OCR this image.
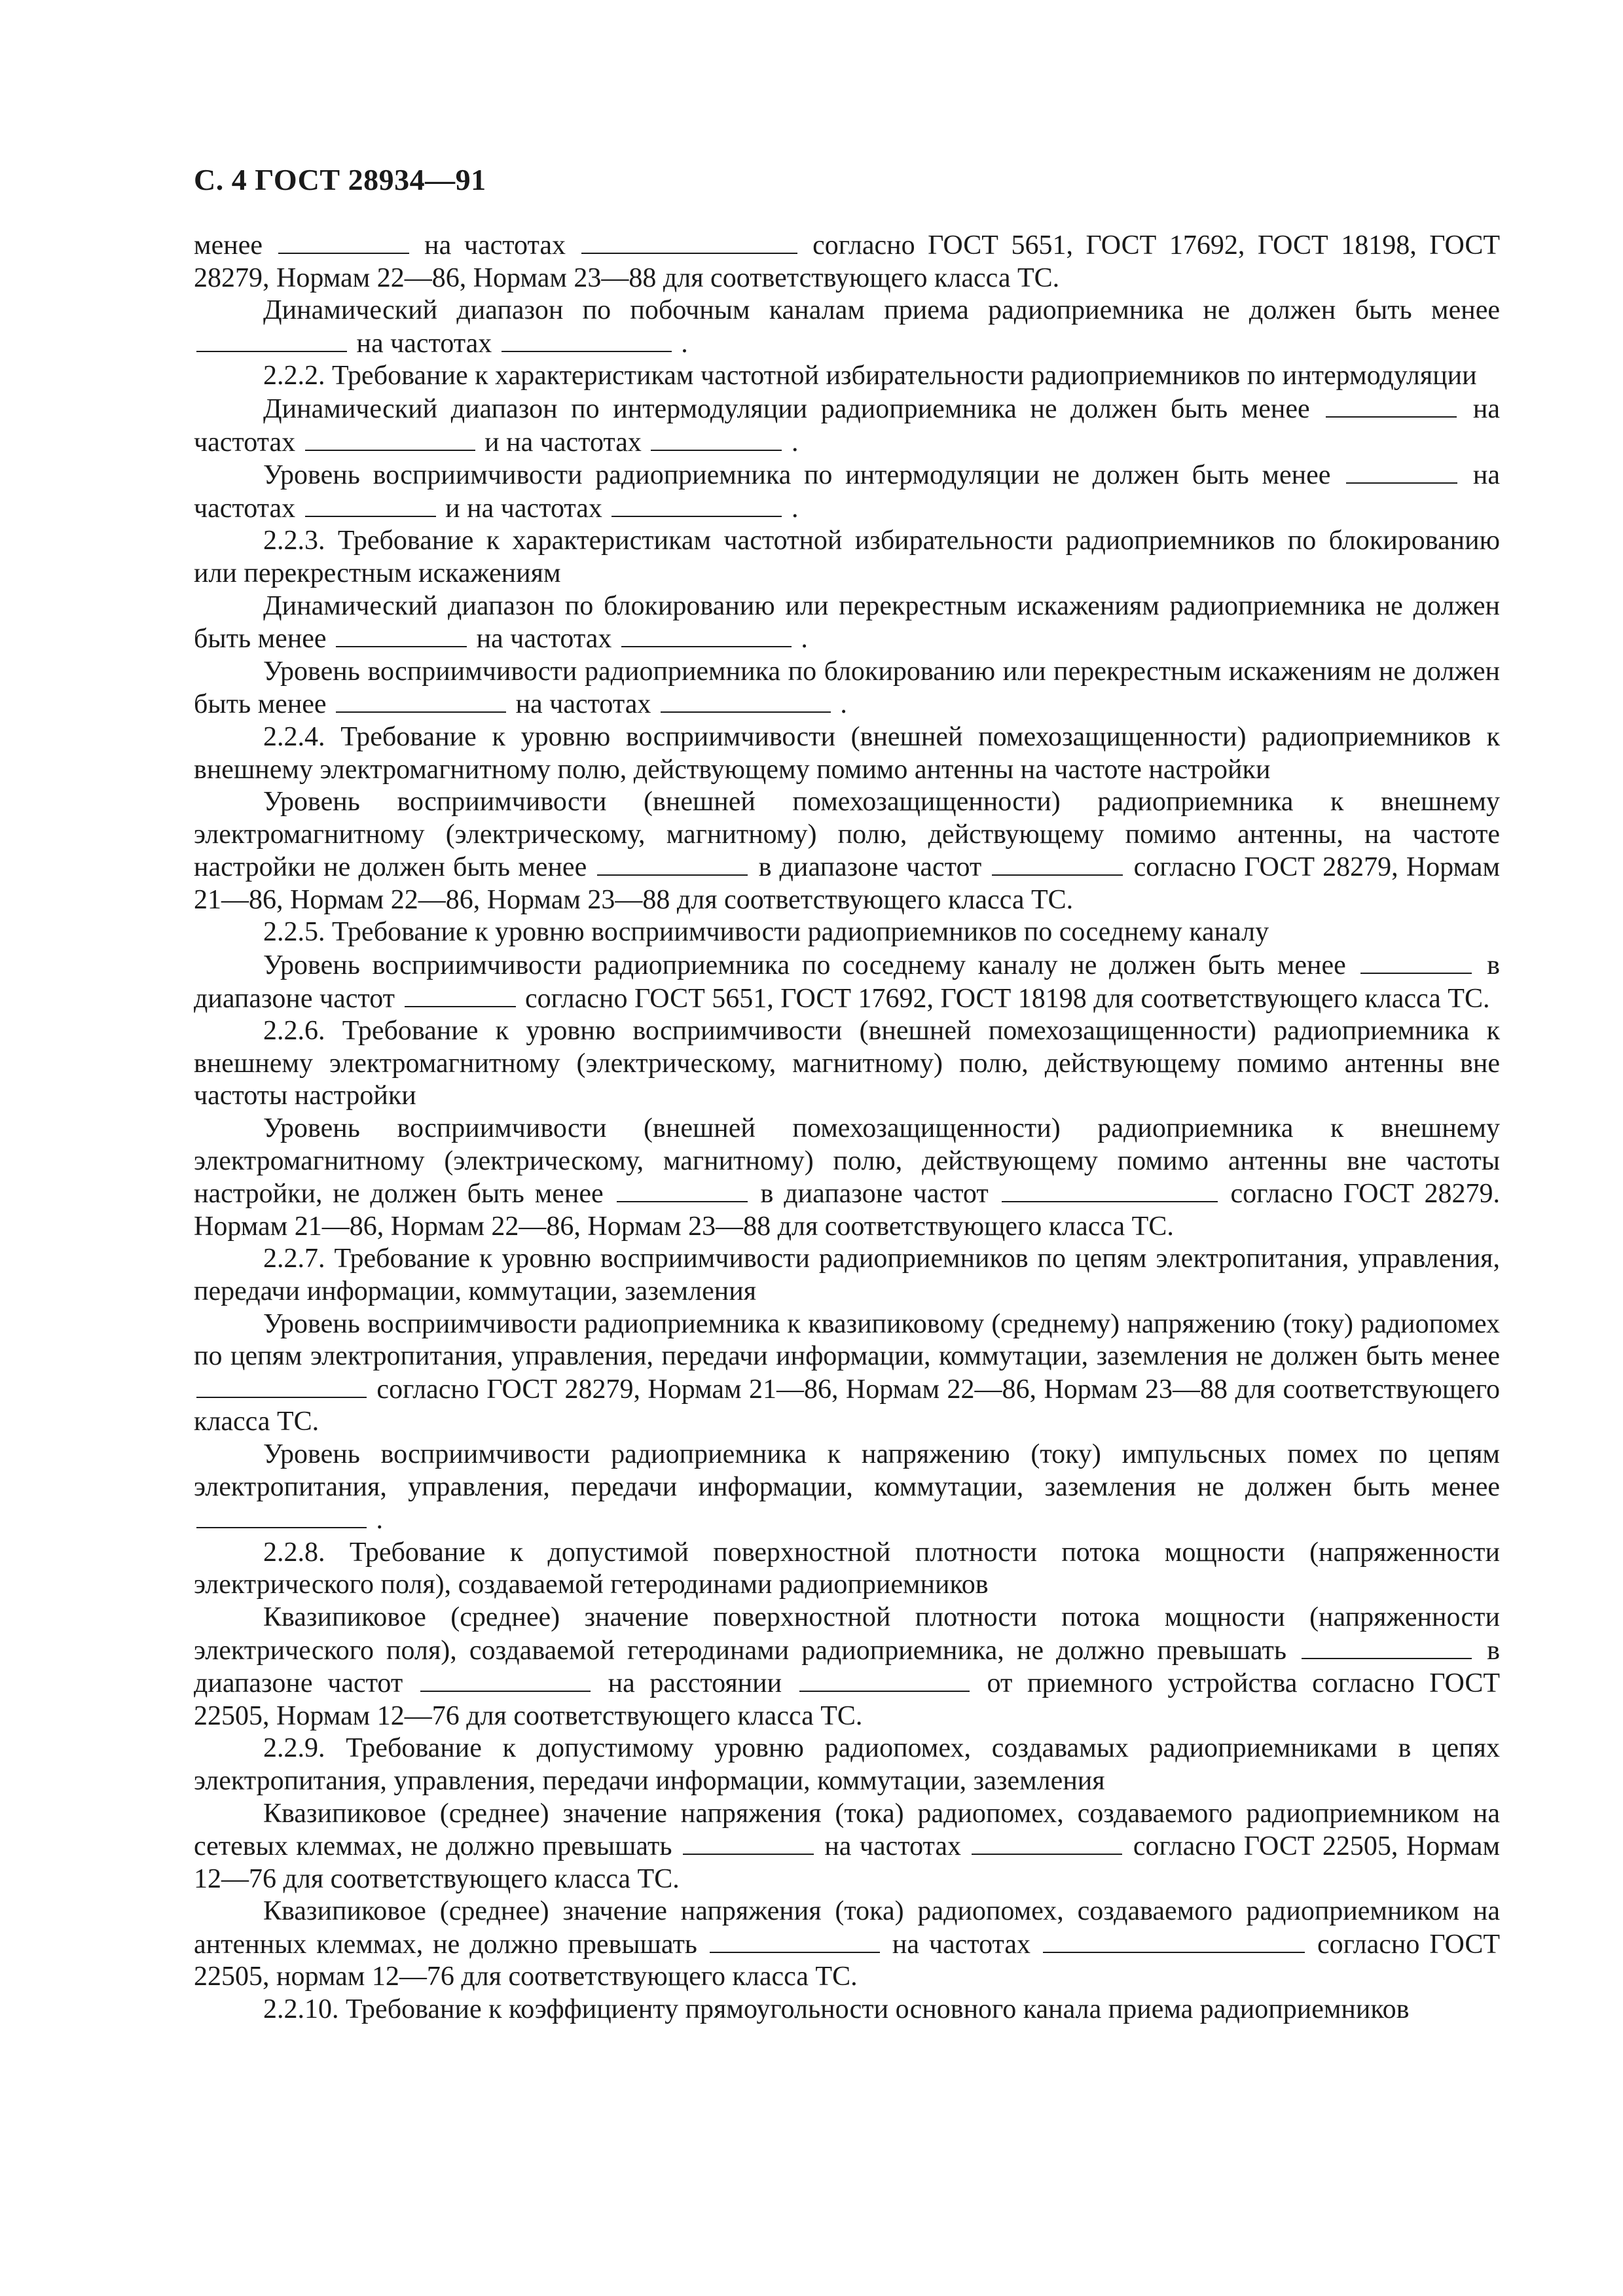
С. 4 ГОСТ 28934—91

менее	на частотах	согласно ГОСТ 5651, ГОСТ 17692, ГОСТ 18198, ГОСТ 28279, Нормам 22—86, Нормам 23—88 для соответствующего класса ТС.

Динамический диапазон по побочным каналам приема радиоприемника не должен быть менее  на частотах	.

2.2.2. Требование к характеристикам частотной избирательности радиоприемников по интермодуляции

Динамический диапазон по интермодуляции радиоприемника не должен быть менее	на частотах	и на частотах	.

Уровень восприимчивости радиоприемника по интермодуляции не должен быть менее	на частотах	и на частотах	.

2.2.3. Требование к характеристикам частотной избирательности радиоприемников по блокированию или перекрестным искажениям

Динамический диапазон по блокированию или перекрестным искажениям радиоприемника не должен быть менее	на частотах	.

Уровень восприимчивости радиоприемника по блокированию или перекрестным искажениям не должен быть менее	на частотах	.

2.2.4. Требование к уровню восприимчивости (внешней помехозащищенности) радиоприемников к внешнему электромагнитному полю, действующему помимо антенны на частоте настройки

Уровень восприимчивости (внешней помехозащищенности) радиоприемника к внешнему электромагнитному (электрическому, магнитному) полю, действующему помимо антенны, на частоте настройки не должен быть менее	в диапазоне частот	согласно ГОСТ 28279, Нормам 21—86, Нормам 22—86, Нормам 23—88 для соответствующего класса ТС.

2.2.5. Требование к уровню восприимчивости радиоприемников по соседнему каналу

Уровень восприимчивости радиоприемника по соседнему каналу не должен быть менее	в диапазоне частот	согласно ГОСТ 5651, ГОСТ 17692, ГОСТ 18198 для соответствующего класса ТС.

2.2.6. Требование к уровню восприимчивости (внешней помехозащищенности) радиоприемника к внешнему электромагнитному (электрическому, магнитному) полю, действующему помимо антенны вне частоты настройки

Уровень восприимчивости (внешней помехозащищенности) радиоприемника к внешнему электромагнитному (электрическому, магнитному) полю, действующему помимо антенны вне частоты настройки, не должен быть менее	в диапазоне частот	согласно ГОСТ 28279. Нормам 21—86, Нормам 22—86, Нормам 23—88 для соответствующего класса ТС.

2.2.7. Требование к уровню восприимчивости радиоприемников по цепям электропитания, управления, передачи информации, коммутации, заземления

Уровень восприимчивости радиоприемника к квазипиковому (среднему) напряжению (току) радиопомех по цепям электропитания, управления, передачи информации, коммутации, заземления не должен быть менее  согласно ГОСТ 28279, Нормам 21—86, Нормам 22—86, Нормам 23—88 для соответствующего класса ТС.

Уровень восприимчивости радиоприемника к напряжению (току) импульсных помех по цепям электропитания, управления, передачи информации, коммутации, заземления не должен быть менее  .

2.2.8. Требование к допустимой поверхностной плотности потока мощности (напряженности электрического поля), создаваемой гетеродинами радиоприемников

Квазипиковое (среднее) значение поверхностной плотности потока мощности (напряженности электрического поля), создаваемой гетеродинами радиоприемника, не должно превышать	в диапазоне частот	на расстоянии	от приемного устройства согласно ГОСТ 22505, Нормам 12—76 для соответствующего класса ТС.

2.2.9. Требование к допустимому уровню радиопомех, создавамых радиоприемниками в цепях электропитания, управления, передачи информации, коммутации, заземления

Квазипиковое (среднее) значение напряжения (тока) радиопомех, создаваемого радиоприемником на сетевых клеммах, не должно превышать	на частотах	согласно ГОСТ 22505, Нормам 12—76 для соответствующего класса ТС.

Квазипиковое (среднее) значение напряжения (тока) радиопомех, создаваемого радиоприемником на антенных клеммах, не должно превышать	на частотах	согласно ГОСТ 22505, нормам 12—76 для соответствующего класса ТС.

2.2.10. Требование к коэффициенту прямоугольности основного канала приема радиоприемников
